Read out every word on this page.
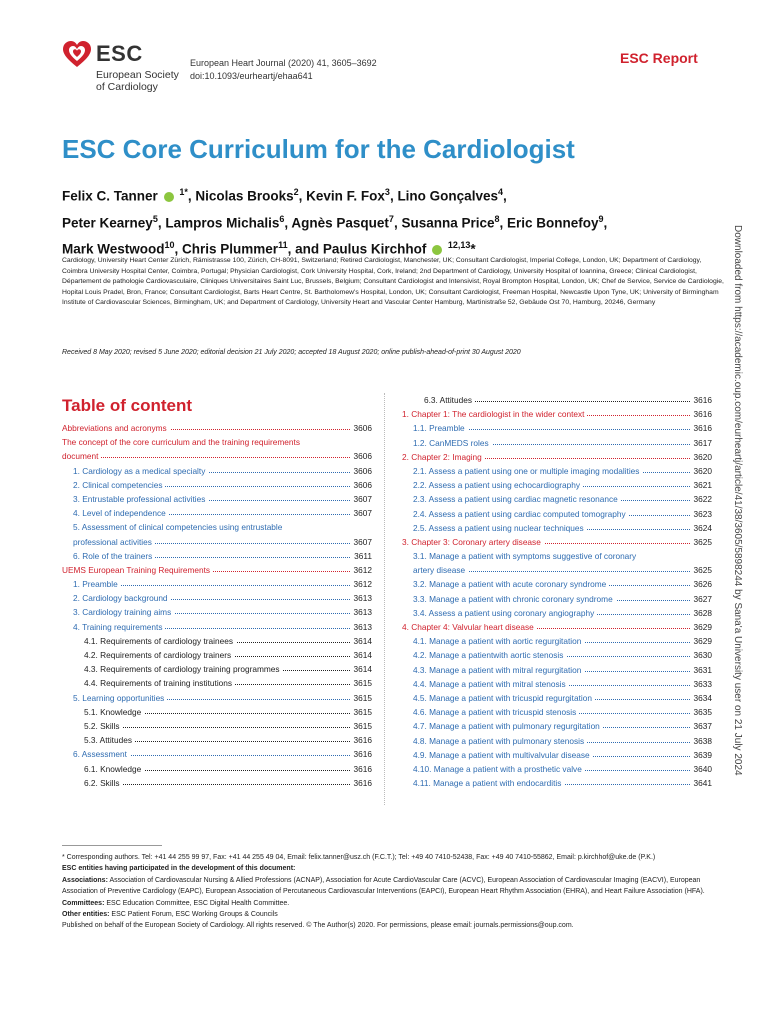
ESC
European Society
of Cardiology
European Heart Journal (2020) 41, 3605–3692
doi:10.1093/eurheartj/ehaa641
ESC Report
ESC Core Curriculum for the Cardiologist
Felix C. Tanner $^{1*}$, Nicolas Brooks$^2$, Kevin F. Fox$^3$, Lino Gonçalves$^4$,
Peter Kearney$^5$, Lampros Michalis$^6$, Agnès Pasquet$^7$, Susanna Price$^8$, Eric Bonnefoy$^9$,
Mark Westwood$^{10}$, Chris Plummer$^{11}$, and Paulus Kirchhof $^{12,13}$*
Cardiology, University Heart Center Zürich, Rämistrasse 100, Zürich, CH-8091, Switzerland; Retired Cardiologist, Manchester, UK; Consultant Cardiologist, Imperial College, London, UK; Department of Cardiology, Coimbra University Hospital Center, Coimbra, Portugal; Physician Cardiologist, Cork University Hospital, Cork, Ireland; 2nd Department of Cardiology, University Hospital of Ioannina, Greece; Clinical Cardiologist, Département de pathologie Cardiovasculaire, Cliniques Universitaires Saint Luc, Brussels, Belgium; Consultant Cardiologist and Intensivist, Royal Brompton Hospital, London, UK; Chef de Service, Service de Cardiologie, Hopital Louis Pradel, Bron, France; Consultant Cardiologist, Barts Heart Centre, St. Bartholomew's Hospital, London, UK; Consultant Cardiologist, Freeman Hospital, Newcastle Upon Tyne, UK; University of Birmingham Institute of Cardiovascular Sciences, Birmingham, UK; and Department of Cardiology, University Heart and Vascular Center Hamburg, Martinistraße 52, Gebäude Ost 70, Hamburg, 20246, Germany
Received 8 May 2020; revised 5 June 2020; editorial decision 21 July 2020; accepted 18 August 2020; online publish-ahead-of-print 30 August 2020	Downloaded from https://academic.oup.com/eurheartj/article/41/38/3605/5898244 by Sana'a University user on 21 July 2024
Table of content
Abbreviations and acronyms	3606
The concept of the core curriculum and the training requirements
document	3606
1. Cardiology as a medical specialty	3606
2. Clinical competencies	3606
3. Entrustable professional activities	3607
4. Level of independence	3607
5. Assessment of clinical competencies using entrustable
professional activities	3607
6. Role of the trainers	3611
UEMS European Training Requirements	3612
1. Preamble	3612
2. Cardiology background	3613
3. Cardiology training aims	3613
4. Training requirements	3613
4.1. Requirements of cardiology trainees	3614
4.2. Requirements of cardiology trainers	3614
4.3. Requirements of cardiology training programmes	3614
4.4. Requirements of training institutions	3615
5. Learning opportunities	3615
5.1. Knowledge	3615
5.2. Skills	3615
5.3. Attitudes	3616
6. Assessment	3616
6.1. Knowledge	3616
6.2. Skills	3616
6.3. Attitudes	3616
1. Chapter 1: The cardiologist in the wider context	3616
1.1. Preamble	3616
1.2. CanMEDS roles	3617
2. Chapter 2: Imaging	3620
2.1. Assess a patient using one or multiple imaging modalities	3620
2.2. Assess a patient using echocardiography	3621
2.3. Assess a patient using cardiac magnetic resonance	3622
2.4. Assess a patient using cardiac computed tomography	3623
2.5. Assess a patient using nuclear techniques	3624
3. Chapter 3: Coronary artery disease	3625
3.1. Manage a patient with symptoms suggestive of coronary
artery disease	3625
3.2. Manage a patient with acute coronary syndrome	3626
3.3. Manage a patient with chronic coronary syndrome	3627
3.4. Assess a patient using coronary angiography	3628
4. Chapter 4: Valvular heart disease	3629
4.1. Manage a patient with aortic regurgitation	3629
4.2. Manage a patientwith aortic stenosis	3630
4.3. Manage a patient with mitral regurgitation	3631
4.4. Manage a patient with mitral stenosis	3633
4.5. Manage a patient with tricuspid regurgitation	3634
4.6. Manage a patient with tricuspid stenosis	3635
4.7. Manage a patient with pulmonary regurgitation	3637
4.8. Manage a patient with pulmonary stenosis	3638
4.9. Manage a patient with multivalvular disease	3639
4.10. Manage a patient with a prosthetic valve	3640
4.11. Manage a patient with endocarditis	3641
* Corresponding authors. Tel: +41 44 255 99 97, Fax: +41 44 255 49 04, Email: felix.tanner@usz.ch (F.C.T.); Tel: +49 40 7410-52438, Fax: +49 40 7410-55862, Email: p.kirchhof@uke.de (P.K.)
ESC entities having participated in the development of this document:
Associations: Association of Cardiovascular Nursing & Allied Professions (ACNAP), Association for Acute CardioVascular Care (ACVC), European Association of Cardiovascular Imaging (EACVI), European Association of Preventive Cardiology (EAPC), European Association of Percutaneous Cardiovascular Interventions (EAPCI), European Heart Rhythm Association (EHRA), and Heart Failure Association (HFA).
Committees: ESC Education Committee, ESC Digital Health Committee.
Other entities: ESC Patient Forum, ESC Working Groups & Councils
Published on behalf of the European Society of Cardiology. All rights reserved. © The Author(s) 2020. For permissions, please email: journals.permissions@oup.com.
